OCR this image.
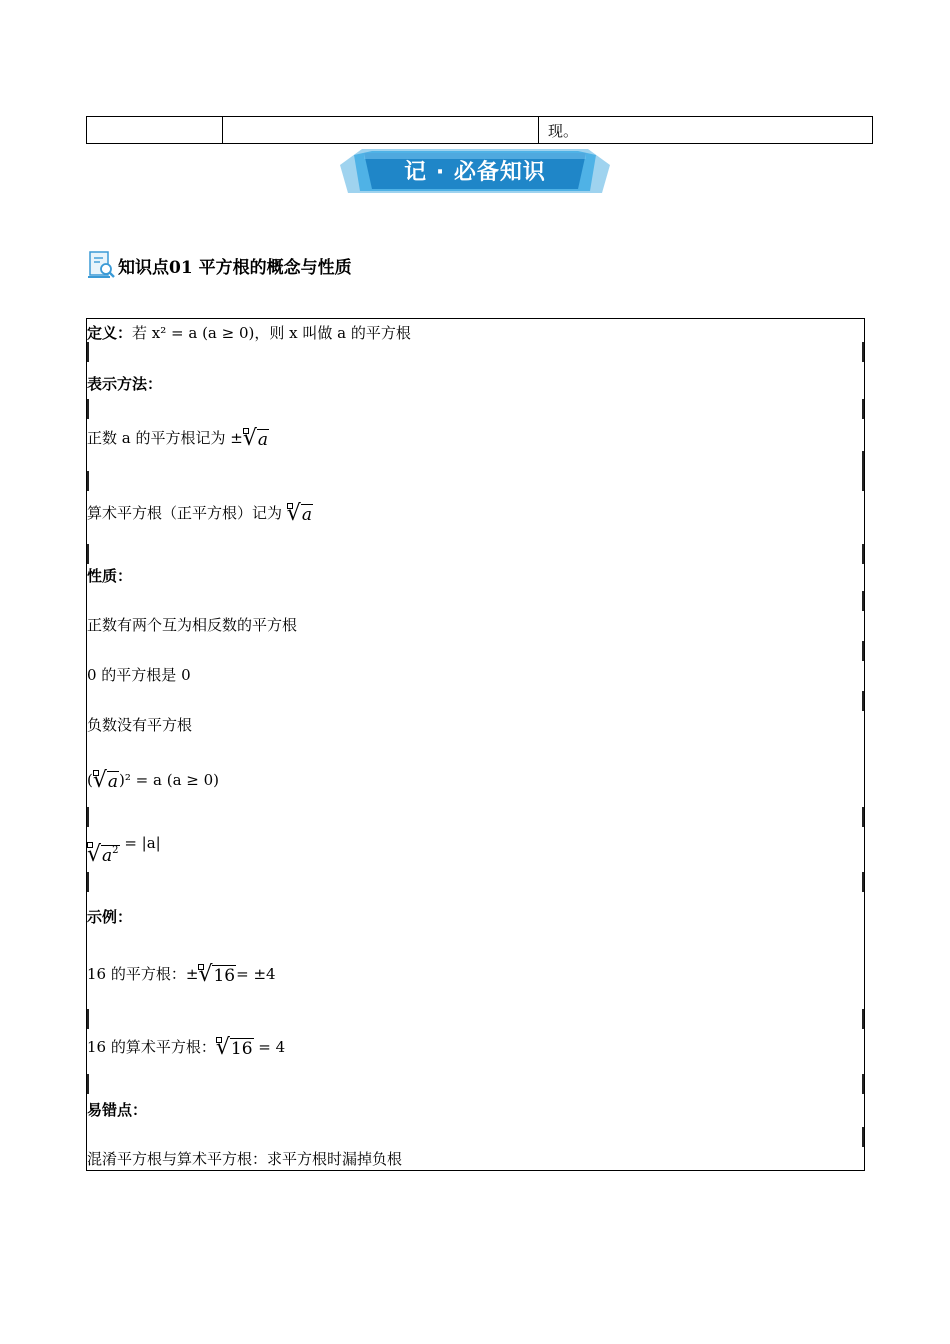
现。
记 · 必备知识
知识点01 平方根的概念与性质
定义：若 x² = a (a ≥ 0)，则 x 叫做 a 的平方根
表示方法：
正数 a 的平方根记为 ±
√a
算术平方根（正平方根）记为
√a
性质：
正数有两个互为相反数的平方根
0 的平方根是 0
负数没有平方根
(
√a)² = a (a ≥ 0)
$√a^2 = |a|$
示例：
16 的平方根：±
√16= ±4
16 的算术平方根：
√16 = 4
易错点：
混淆平方根与算术平方根：求平方根时漏掉负根
